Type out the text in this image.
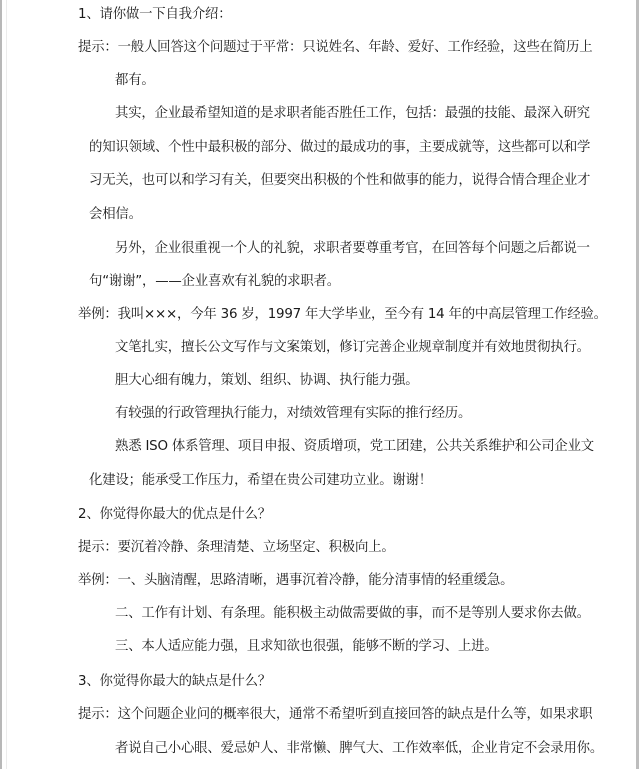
1、请你做一下自我介绍：
提示：一般人回答这个问题过于平常：只说姓名、年龄、爱好、工作经验，这些在简历上
都有。
其实，企业最希望知道的是求职者能否胜任工作，包括：最强的技能、最深入研究
的知识领域、个性中最积极的部分、做过的最成功的事，主要成就等，这些都可以和学
习无关，也可以和学习有关，但要突出积极的个性和做事的能力，说得合情合理企业才
会相信。
另外，企业很重视一个人的礼貌，求职者要尊重考官，在回答每个问题之后都说一
句“谢谢”，——企业喜欢有礼貌的求职者。
举例：我叫×××，今年 36 岁，1997 年大学毕业，至今有 14 年的中高层管理工作经验。
文笔扎实，擅长公文写作与文案策划，修订完善企业规章制度并有效地贯彻执行。
胆大心细有魄力，策划、组织、协调、执行能力强。
有较强的行政管理执行能力，对绩效管理有实际的推行经历。
熟悉 ISO 体系管理、项目申报、资质增项，党工团建，公共关系维护和公司企业文
化建设；能承受工作压力，希望在贵公司建功立业。谢谢！
2、你觉得你最大的优点是什么？
提示：要沉着冷静、条理清楚、立场坚定、积极向上。
举例：一、头脑清醒，思路清晰，遇事沉着冷静，能分清事情的轻重缓急。
二、工作有计划、有条理。能积极主动做需要做的事，而不是等别人要求你去做。
三、本人适应能力强，且求知欲也很强，能够不断的学习、上进。
3、你觉得你最大的缺点是什么？
提示：这个问题企业问的概率很大，通常不希望听到直接回答的缺点是什么等，如果求职
者说自己小心眼、爱忌妒人、非常懒、脾气大、工作效率低，企业肯定不会录用你。
